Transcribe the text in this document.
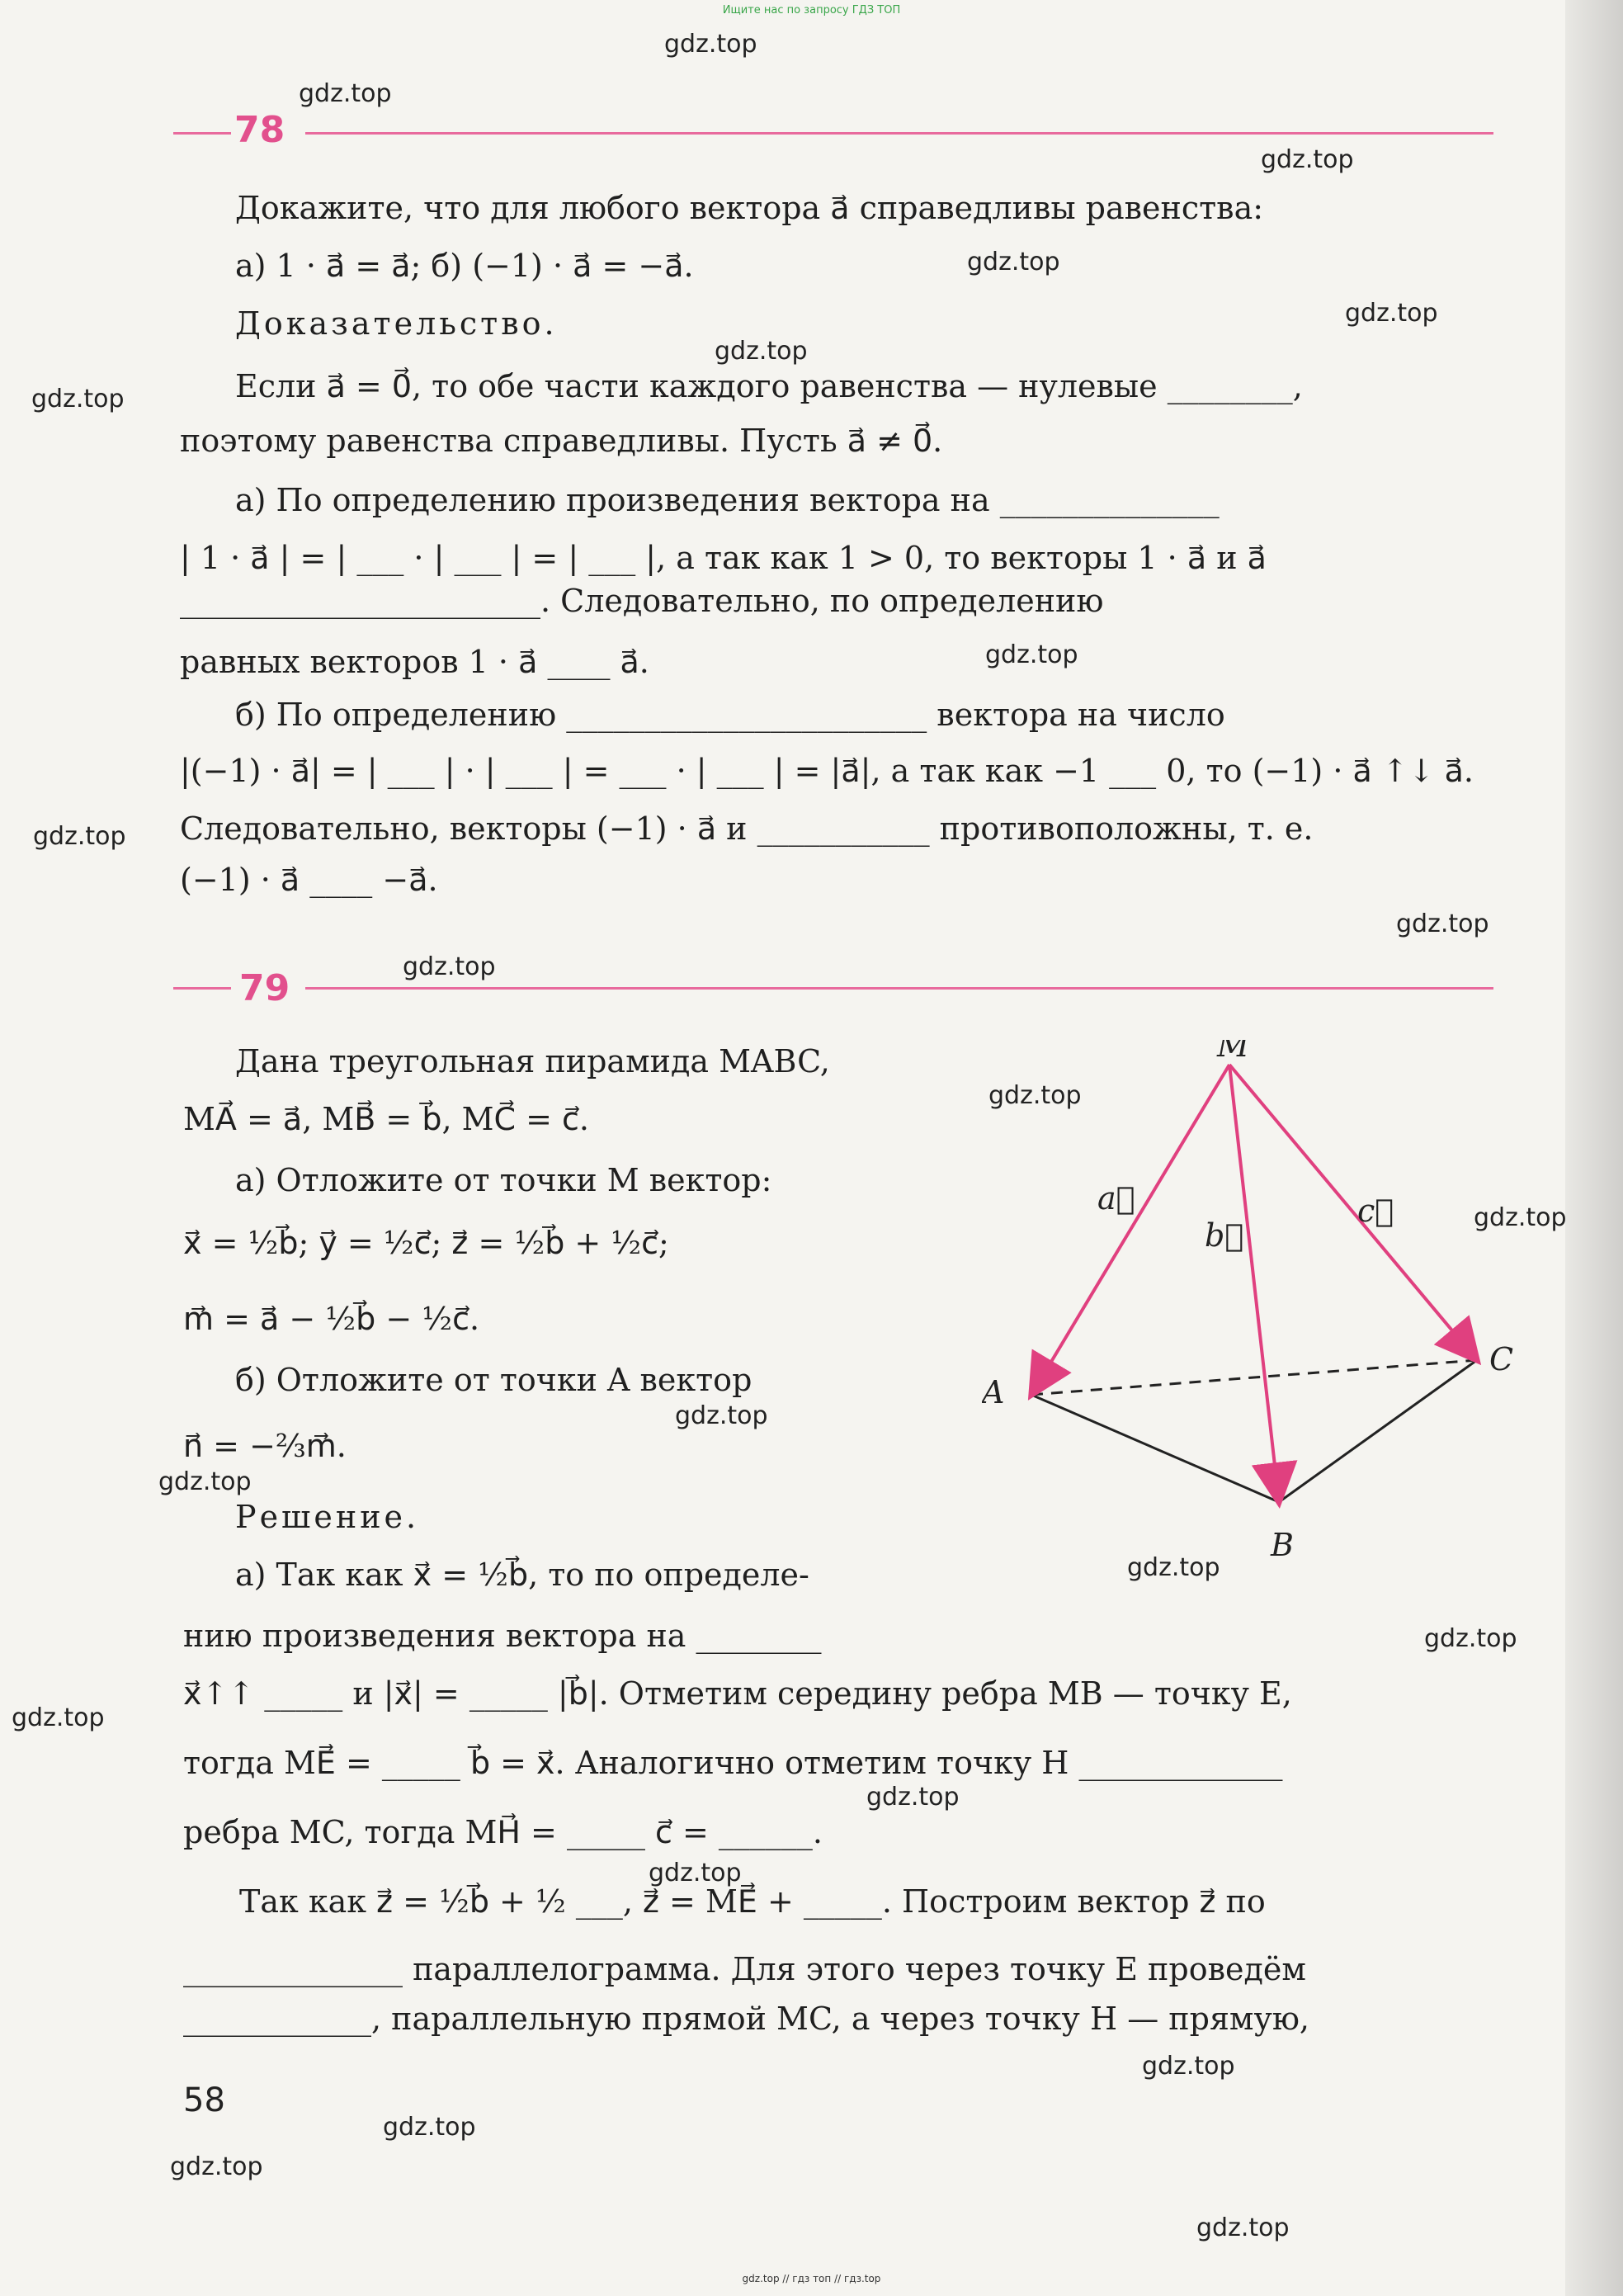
Ищите нас по запросу ГДЗ ТОП
78
Докажите, что для любого вектора a⃗ справедливы равенства:
а) 1 · a⃗ = a⃗; б) (−1) · a⃗ = −a⃗.
Доказательство.
Если a⃗ = 0⃗, то обе части каждого равенства — нулевые ________,
поэтому равенства справедливы. Пусть a⃗ ≠ 0⃗.
а) По определению произведения вектора на ______________
| 1 · a⃗ | = | ___ · | ___ | = | ___ |, а так как 1 > 0, то векторы 1 · a⃗ и a⃗
_______________________. Следовательно, по определению
равных векторов 1 · a⃗ ____ a⃗.
б) По определению _______________________ вектора на число
|(−1) · a⃗| = | ___ | · | ___ | = ___ · | ___ | = |a⃗|, а так как −1 ___ 0, то (−1) · a⃗ ↑↓ a⃗.
Следовательно, векторы (−1) · a⃗ и ___________ противоположны, т. е.
(−1) · a⃗ ____ −a⃗.
79
Дана треугольная пирамида MABC,
MA⃗ = a⃗, MB⃗ = b⃗, MC⃗ = c⃗.
а) Отложите от точки M вектор:
x⃗ = ½b⃗; y⃗ = ½c⃗; z⃗ = ½b⃗ + ½c⃗;
m⃗ = a⃗ − ½b⃗ − ½c⃗.
б) Отложите от точки A вектор
n⃗ = −⅔m⃗.
Решение.
а) Так как x⃗ = ½b⃗, то по определе-
нию произведения вектора на ________
x⃗↑↑ _____ и |x⃗| = _____ |b⃗|. Отметим середину ребра MB — точку E,
тогда ME⃗ = _____ b⃗ = x⃗. Аналогично отметим точку H _____________
ребра MC, тогда MH⃗ = _____ c⃗ = ______.
Так как z⃗ = ½b⃗ + ½ ___, z⃗ = ME⃗ + _____. Построим вектор z⃗ по
______________ параллелограмма. Для этого через точку E проведём
____________, параллельную прямой MC, а через точку H — прямую,
M
A
B
C
a⃗
b⃗
c⃗
58
gdz.top
gdz.top
gdz.top
gdz.top
gdz.top
gdz.top
gdz.top
gdz.top
gdz.top
gdz.top
gdz.top
gdz.top
gdz.top
gdz.top
gdz.top
gdz.top
gdz.top
gdz.top
gdz.top
gdz.top
gdz.top
gdz.top
gdz.top
gdz.top
gdz.top // гдз топ // гдз.top
